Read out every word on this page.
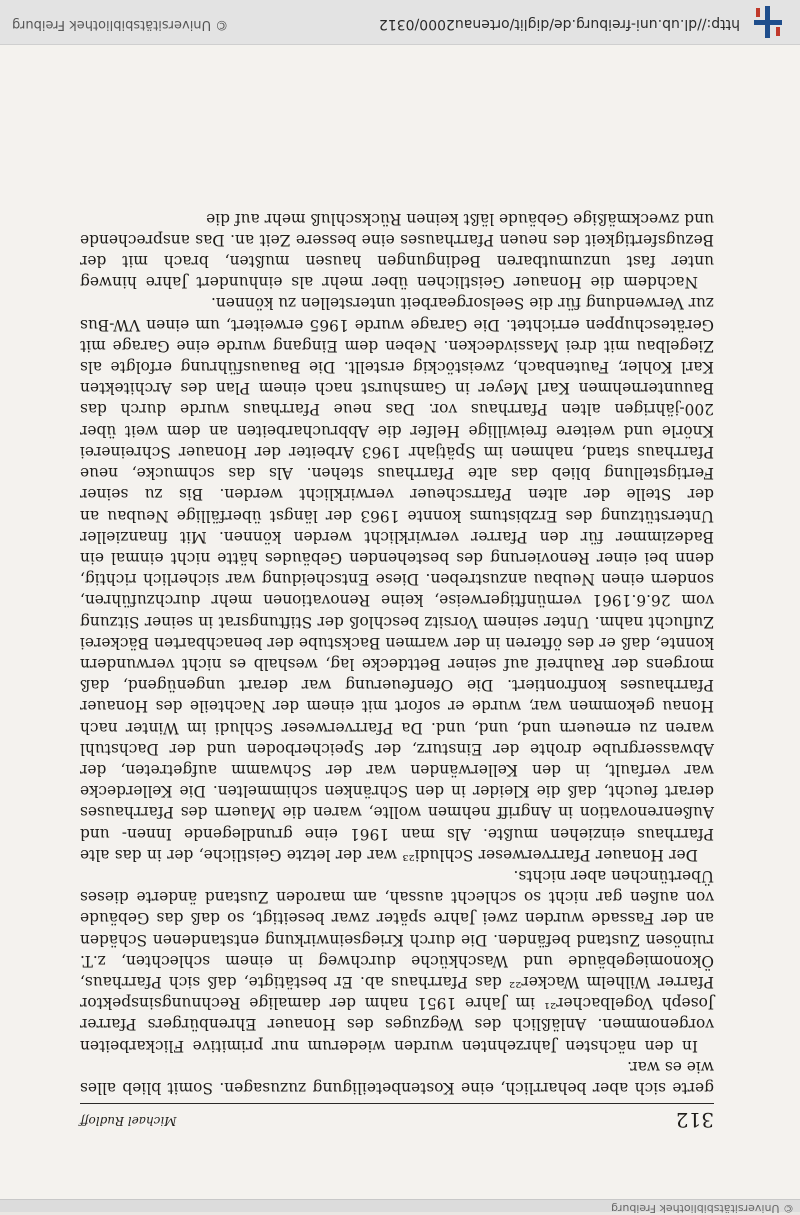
© Universitätsbibliothek Freiburg
312
Michael Rudloff

gerte sich aber beharrlich, eine Kostenbeteiligung zuzusagen. Somit blieb alles wie es war.

In den nächsten Jahrzehnten wurden wiederum nur primitive Flickarbeiten vorgenommen. Anläßlich des Wegzuges des Honauer Ehrenbürgers Pfarrer Joseph Vogelbacher²¹ im Jahre 1951 nahm der damalige Rechnungsinspektor Pfarrer Wilhelm Wacker²² das Pfarrhaus ab. Er bestätigte, daß sich Pfarrhaus, Ökonomiegebäude und Waschküche durchweg in einem schlechten, z.T. ruinösen Zustand befänden. Die durch Kriegseinwirkung entstandenen Schäden an der Fassade wurden zwei Jahre später zwar beseitigt, so daß das Gebäude von außen gar nicht so schlecht aussah, am maroden Zustand änderte dieses Übertünchen aber nichts.

Der Honauer Pfarrverweser Schludi²³ war der letzte Geistliche, der in das alte Pfarrhaus einziehen mußte. Als man 1961 eine grundlegende Innen- und Außenrenovation in Angriff nehmen wollte, waren die Mauern des Pfarrhauses derart feucht, daß die Kleider in den Schränken schimmelten. Die Kellerdecke war verfault, in den Kellerwänden war der Schwamm aufgetreten, der Abwassergrube drohte der Einsturz, der Speicherboden und der Dachstuhl waren zu erneuern und, und, und. Da Pfarrverweser Schludi im Winter nach Honau gekommen war, wurde er sofort mit einem der Nachteile des Honauer Pfarrhauses konfrontiert. Die Ofenfeuerung war derart ungenügend, daß morgens der Rauhreif auf seiner Bettdecke lag, weshalb es nicht verwundern konnte, daß er des öfteren in der warmen Backstube der benachbarten Bäckerei Zuflucht nahm. Unter seinem Vorsitz beschloß der Stiftungsrat in seiner Sitzung vom 26.6.1961 vernünftigerweise, keine Renovationen mehr durchzuführen, sondern einen Neubau anzustreben. Diese Entscheidung war sicherlich richtig, denn bei einer Renovierung des bestehenden Gebäudes hätte nicht einmal ein Badezimmer für den Pfarrer verwirklicht werden können. Mit finanzieller Unterstützung des Erzbistums konnte 1963 der längst überfällige Neubau an der Stelle der alten Pfarrscheuer verwirklicht werden. Bis zu seiner Fertigstellung blieb das alte Pfarrhaus stehen. Als das schmucke, neue Pfarrhaus stand, nahmen im Spätjahr 1963 Arbeiter der Honauer Schreinerei Knörle und weitere freiwillige Helfer die Abbrucharbeiten an dem weit über 200-jährigen alten Pfarrhaus vor. Das neue Pfarrhaus wurde durch das Bauunternehmen Karl Meyer in Gamshurst nach einem Plan des Architekten Karl Kohler, Fautenbach, zweistöckig erstellt. Die Bauausführung erfolgte als Ziegelbau mit drei Massivdecken. Neben dem Eingang wurde eine Garage mit Geräteschuppen errichtet. Die Garage wurde 1965 erweitert, um einen VW-Bus zur Verwendung für die Seelsorgearbeit unterstellen zu können.

Nachdem die Honauer Geistlichen über mehr als einhundert Jahre hinweg unter fast unzumutbaren Bedingungen hausen mußten, brach mit der Bezugsfertigkeit des neuen Pfarrhauses eine bessere Zeit an. Das ansprechende und zweckmäßige Gebäude läßt keinen Rückschluß mehr auf die

http://dl.ub.uni-freiburg.de/diglit/ortenau2000/0312
© Universitätsbibliothek Freiburg
